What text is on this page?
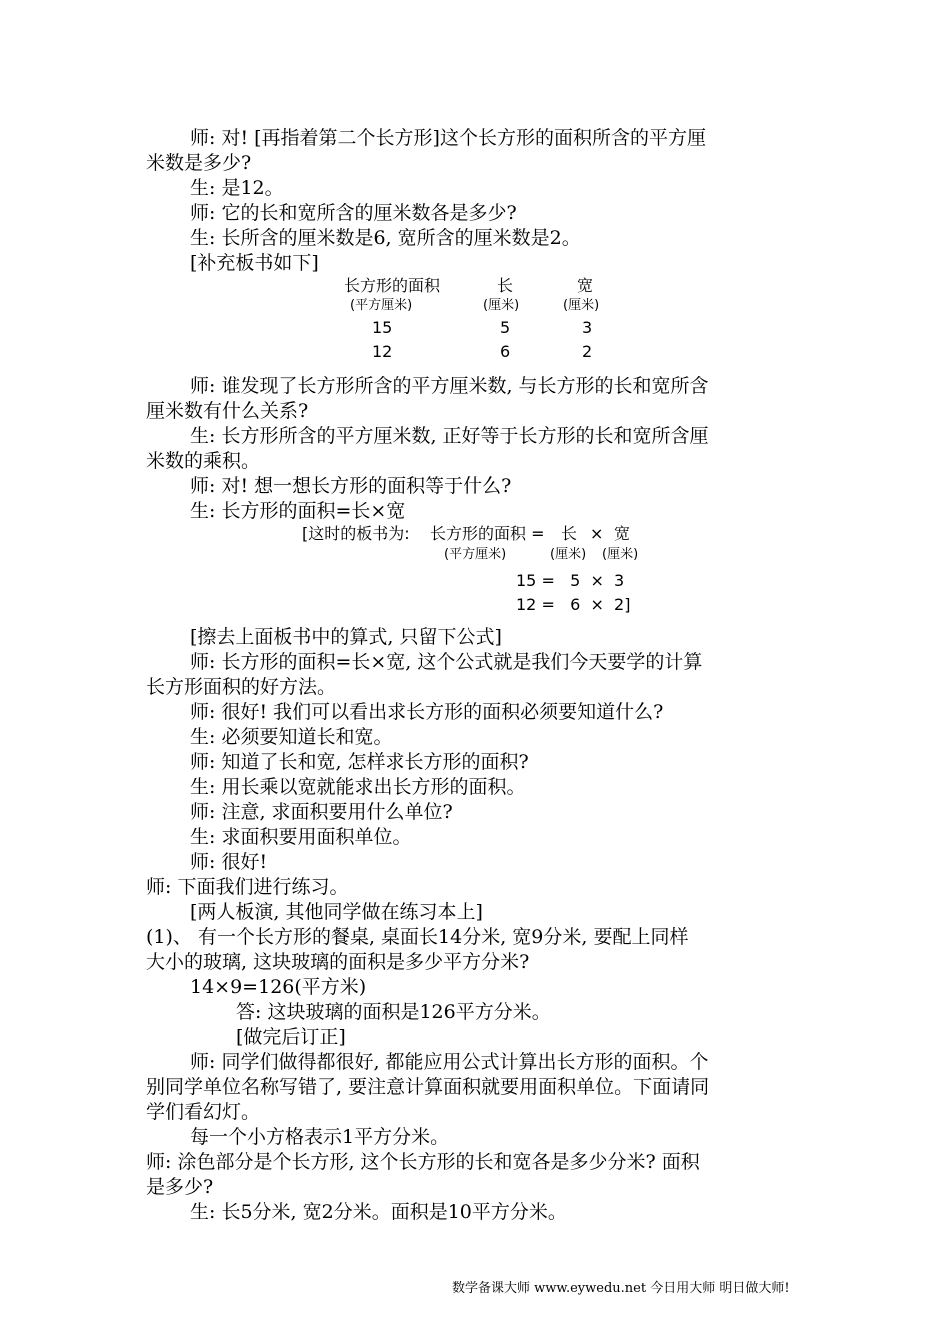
师: 对! [再指着第二个长方形]这个长方形的面积所含的平方厘
米数是多少?
生: 是12。
师: 它的长和宽所含的厘米数各是多少?
生: 长所含的厘米数是6, 宽所含的厘米数是2。
[补充板书如下]
长方形的面积	长	宽
(平方厘米)	(厘米)	(厘米)
15	5	3
12	6	2
师: 谁发现了长方形所含的平方厘米数, 与长方形的长和宽所含
厘米数有什么关系?
生: 长方形所含的平方厘米数, 正好等于长方形的长和宽所含厘
米数的乘积。
师: 对! 想一想长方形的面积等于什么?
生: 长方形的面积=长×宽
[这时的板书为: 长方形的面积 = 长 × 宽
(平方厘米)	(厘米) (厘米)
15 =   5  ×  3
12 =   6  ×  2]
[擦去上面板书中的算式, 只留下公式]
师: 长方形的面积=长×宽, 这个公式就是我们今天要学的计算
长方形面积的好方法。
师: 很好! 我们可以看出求长方形的面积必须要知道什么?
生: 必须要知道长和宽。
师: 知道了长和宽, 怎样求长方形的面积?
生: 用长乘以宽就能求出长方形的面积。
师: 注意, 求面积要用什么单位?
生: 求面积要用面积单位。
师: 很好!
师: 下面我们进行练习。
[两人板演, 其他同学做在练习本上]
(1)、 有一个长方形的餐桌, 桌面长14分米, 宽9分米, 要配上同样
大小的玻璃, 这块玻璃的面积是多少平方分米?
14×9=126(平方米)
答: 这块玻璃的面积是126平方分米。
[做完后订正]
师: 同学们做得都很好, 都能应用公式计算出长方形的面积。个
别同学单位名称写错了, 要注意计算面积就要用面积单位。下面请同
学们看幻灯。
每一个小方格表示1平方分米。
师: 涂色部分是个长方形, 这个长方形的长和宽各是多少分米? 面积
是多少?
生: 长5分米, 宽2分米。面积是10平方分米。
数学备课大师 www.eywedu.net 今日用大师 明日做大师!
